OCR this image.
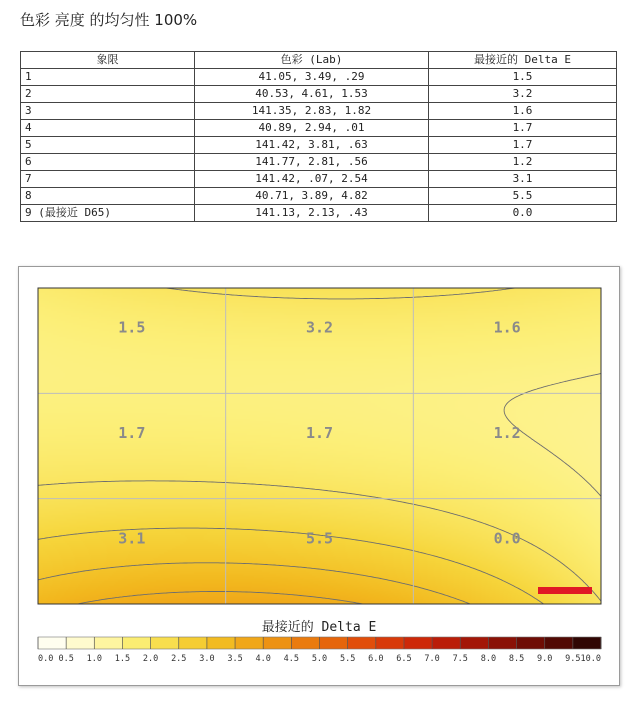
色彩 亮度 的均匀性 100%
象限	色彩 (Lab)	最接近的 Delta E
1	41.05, 3.49, .29	1.5
2	40.53, 4.61, 1.53	3.2
3	141.35, 2.83, 1.82	1.6
4	40.89, 2.94, .01	1.7
5	141.42, 3.81, .63	1.7
6	141.77, 2.81, .56	1.2
7	141.42, .07, 2.54	3.1
8	40.71, 3.89, 4.82	5.5
9 (最接近 D65)	141.13, 2.13, .43	0.0
1.5	3.2	1.6
1.7	1.7	1.2
3.1	5.5	0.0
最接近的 Delta E
0.0 0.5 1.0 1.5 2.0 2.5 3.0 3.5 4.0 4.5 5.0 5.5 6.0 6.5 7.0 7.5 8.0 8.5 9.0 9.5 10.0
